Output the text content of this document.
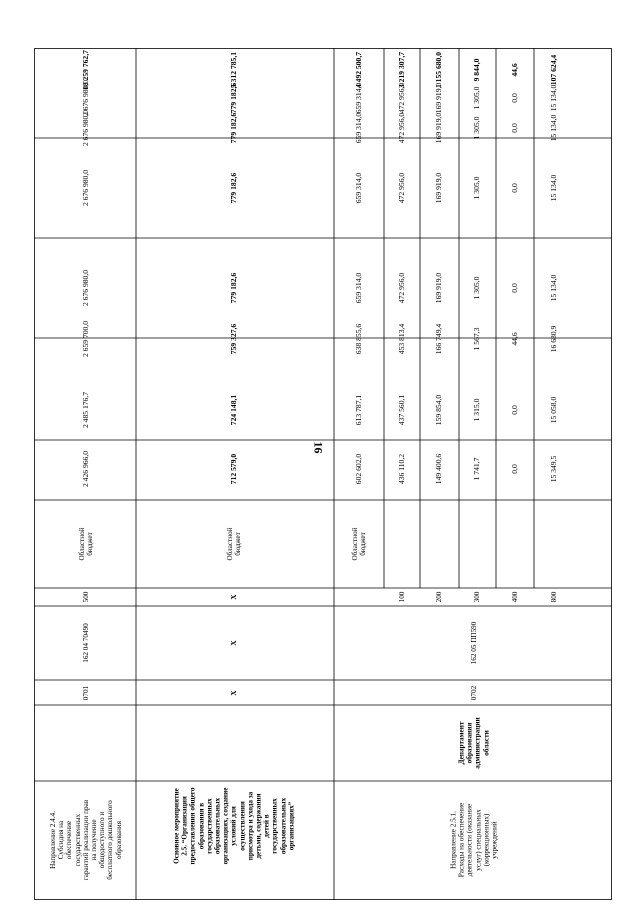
16
Направление 2.4.4. Субсидия на обеспечение государственных гарантий реализации прав на получение общедоступного и бесплатного дошкольного образования
0701
162 04 70490
500
Областной бюджет
2 426 966,0
2 485 176,7
2 659 700,0
2 676 980,0
2 676 980,0
2 676 980,0
2 676 980,0
18 259 762,7
Основное мероприятие 2.5. “Организация предоставления общего образования в государственных образовательных организациях, создание условий для осуществления присмотра и ухода за детьми, содержания детей в государственных образовательных организациях”
X
X
X
Областной бюджет
712 579,0
724 148,1
759 327,6
779 182,6
779 182,6
779 182,6
779 182,6
5 312 785,1
Направление 2.5.1. Расходы на обеспечение деятельности (оказание услуг) специальных (коррекционных) учреждений
Департамент образования администрации области
0702
162 05 ПП590
Областной бюджет
100
602 602,0
613 787,1
638 855,6
659 314,0
659 314,0
659 314,0
659 314,0
4 492 500,7
200
436 110,2
437 560,1
453 813,4
472 956,0
472 956,0
472 956,0
472 956,0
3 219 307,7
300
149 400,6
159 854,0
166 749,4
169 919,0
169 919,0
169 919,0
169 919,0
1 155 680,0
400
1 741,7
1 315,0
1 567,3
1 305,0
1 305,0
1 305,0
1 305,0
9 844,0
800
0,0
0,0
44,6
0,0
0,0
0,0
0,0
44,6
15 349,5
15 058,0
16 680,9
15 134,0
15 134,0
15 134,0
15 134,0
107 624,4
